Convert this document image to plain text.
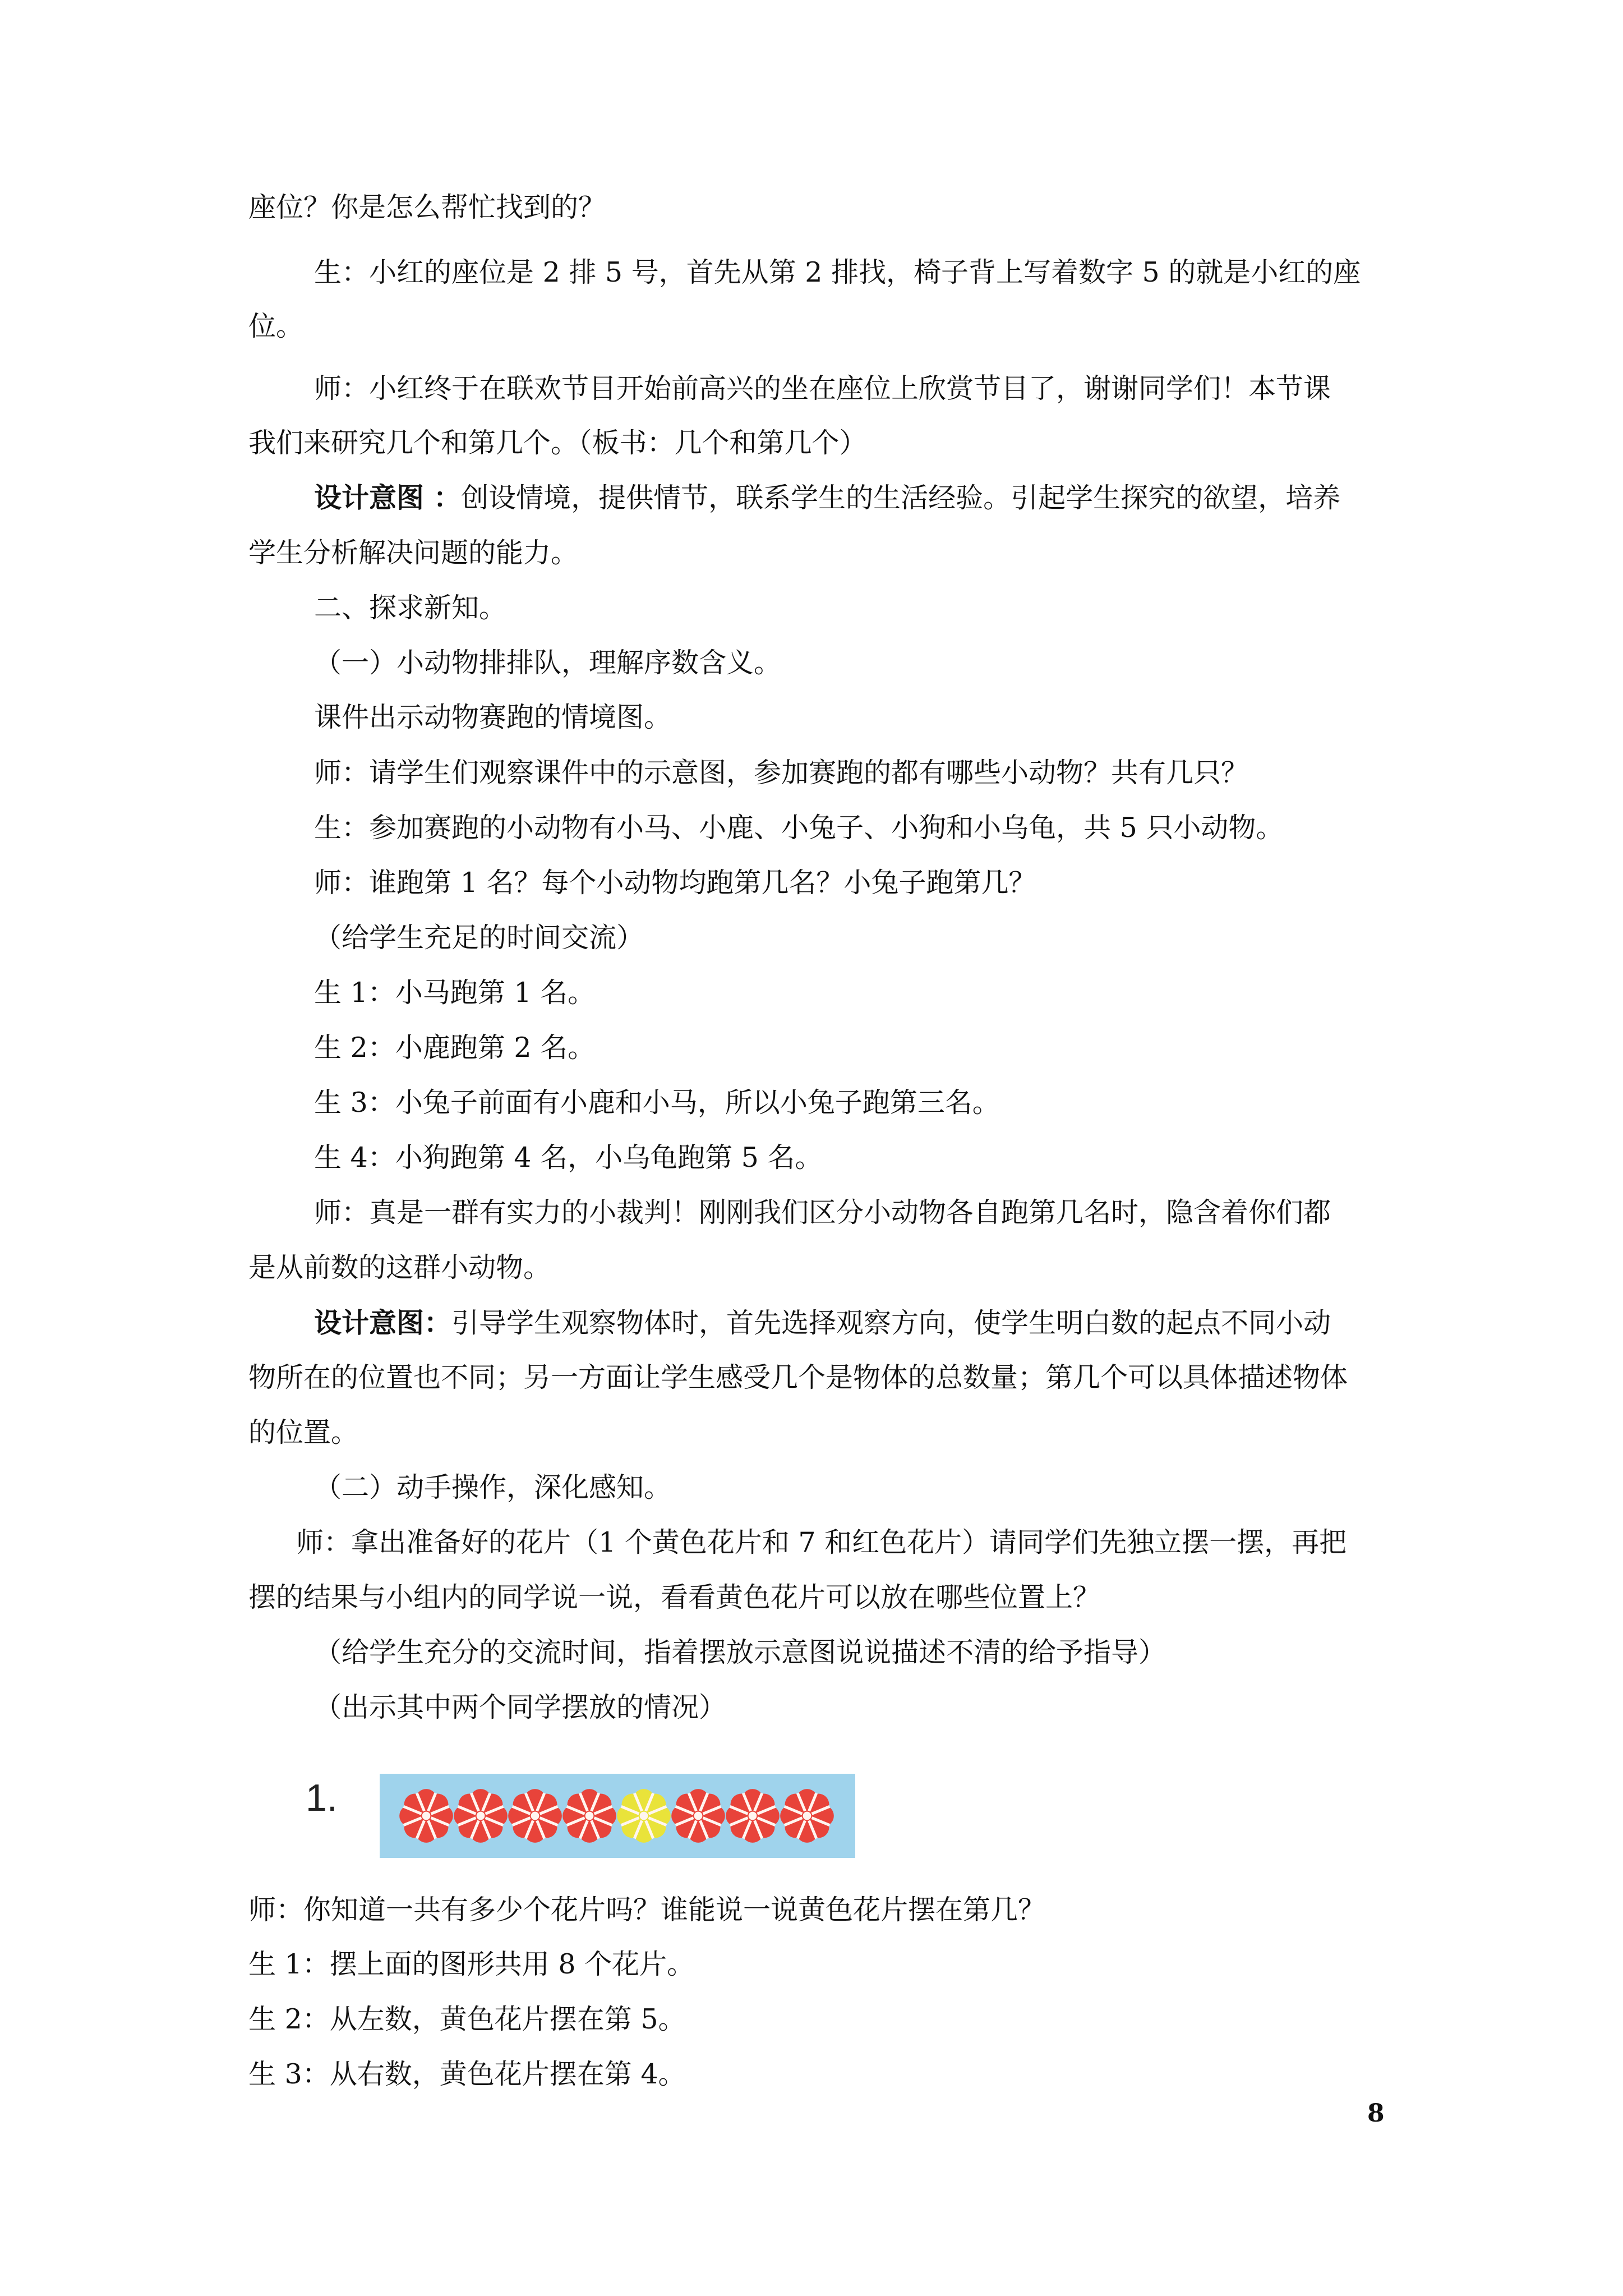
座位？你是怎么帮忙找到的？

生：小红的座位是 2 排 5 号，首先从第 2 排找，椅子背上写着数字 5 的就是小红的座

位。

师：小红终于在联欢节目开始前高兴的坐在座位上欣赏节目了，谢谢同学们！本节课

我们来研究几个和第几个。（板书：几个和第几个）

设计意图 ：创设情境，提供情节，联系学生的生活经验。引起学生探究的欲望，培养

学生分析解决问题的能力。

二、探求新知。

（一）小动物排排队，理解序数含义。

课件出示动物赛跑的情境图。

师：请学生们观察课件中的示意图，参加赛跑的都有哪些小动物？共有几只？

生：参加赛跑的小动物有小马、小鹿、小兔子、小狗和小乌龟，共 5 只小动物。

师：谁跑第 1 名？每个小动物均跑第几名？小兔子跑第几？

（给学生充足的时间交流）

生 1：小马跑第 1 名。

生 2：小鹿跑第 2 名。

生 3：小兔子前面有小鹿和小马，所以小兔子跑第三名。

生 4：小狗跑第 4 名，小乌龟跑第 5 名。

师：真是一群有实力的小裁判！刚刚我们区分小动物各自跑第几名时，隐含着你们都

是从前数的这群小动物。

设计意图：引导学生观察物体时，首先选择观察方向，使学生明白数的起点不同小动

物所在的位置也不同；另一方面让学生感受几个是物体的总数量；第几个可以具体描述物体

的位置。

（二）动手操作，深化感知。

师：拿出准备好的花片（1 个黄色花片和 7 和红色花片）请同学们先独立摆一摆，再把

摆的结果与小组内的同学说一说，看看黄色花片可以放在哪些位置上？

（给学生充分的交流时间，指着摆放示意图说说描述不清的给予指导）

（出示其中两个同学摆放的情况）

1.

师：你知道一共有多少个花片吗？谁能说一说黄色花片摆在第几？

生 1：摆上面的图形共用 8 个花片。

生 2：从左数，黄色花片摆在第 5。

生 3：从右数，黄色花片摆在第 4。

8
